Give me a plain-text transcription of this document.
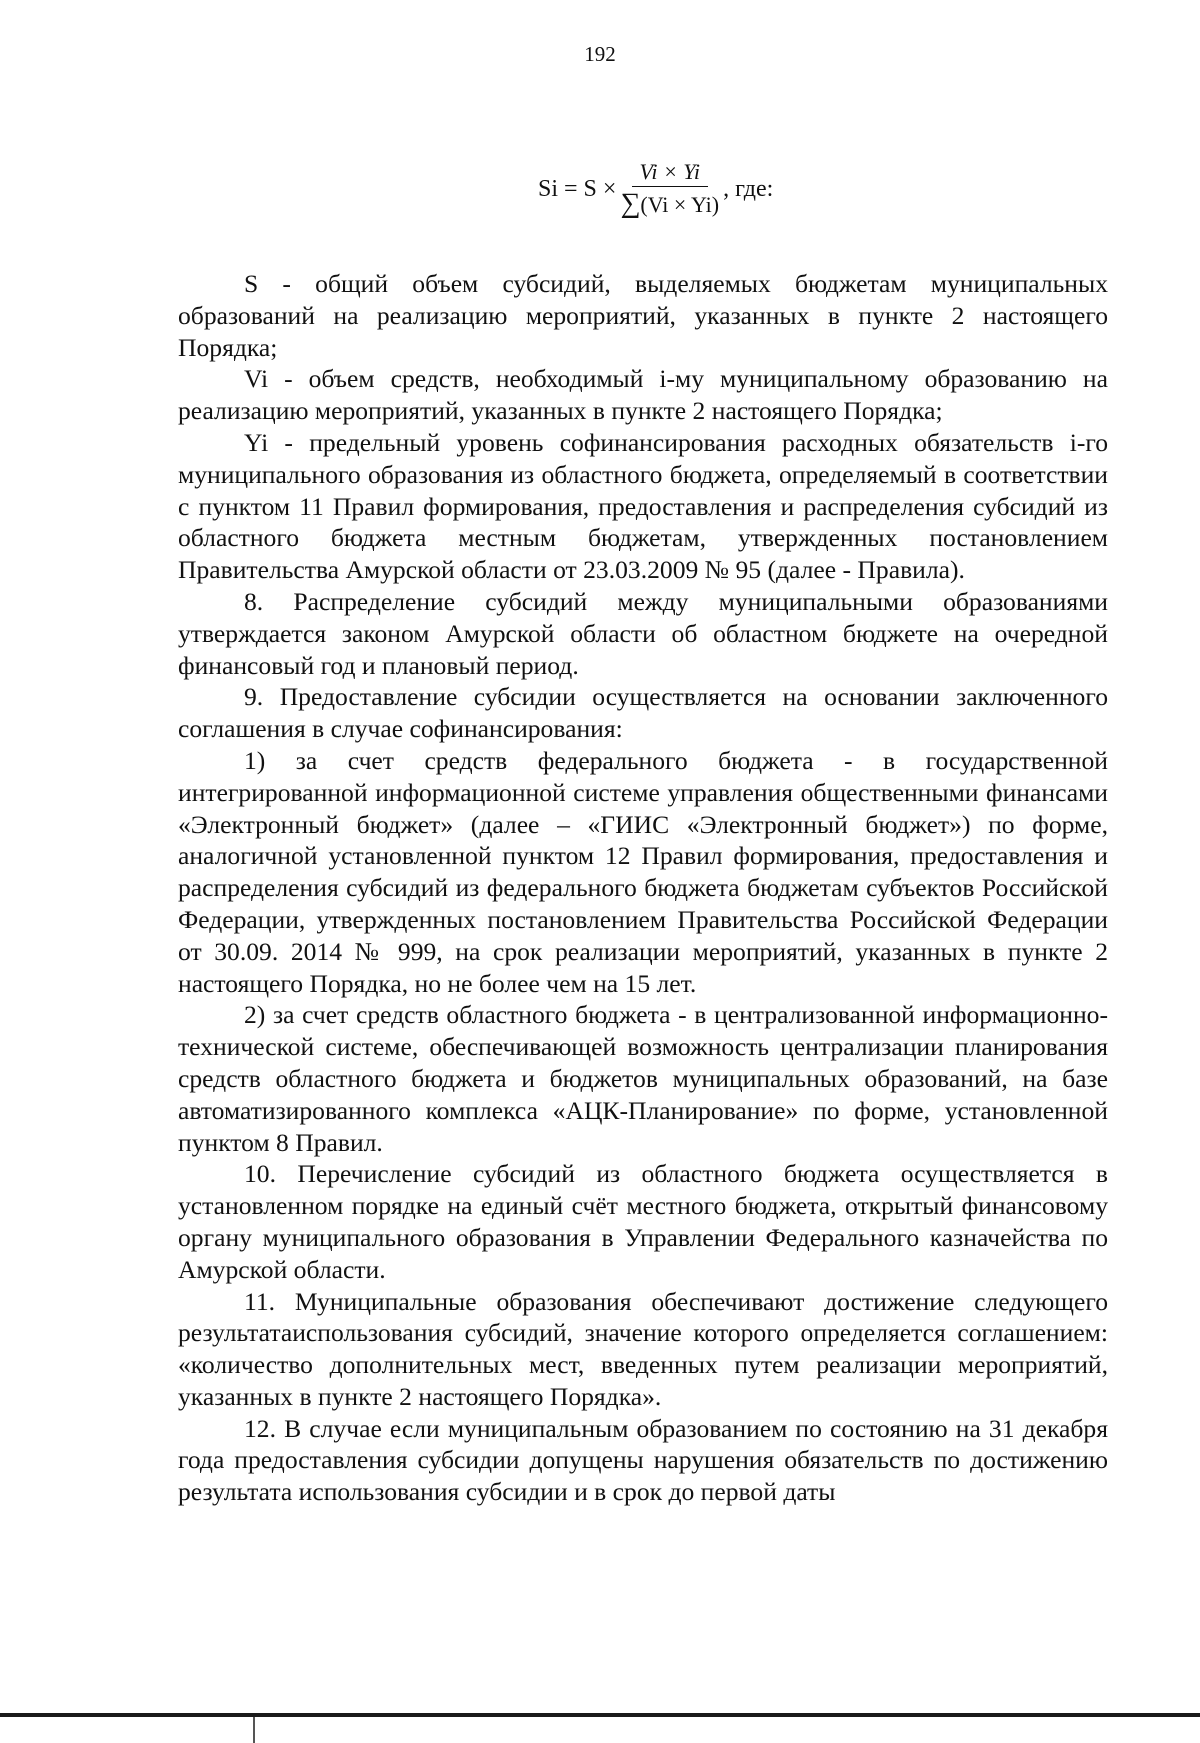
192
$Si = S \times \frac{Vi \times Yi}{\sum(Vi \times Yi)}$ , где:

S - общий объем субсидий, выделяемых бюджетам муниципальных образований на реализацию мероприятий, указанных в пункте 2 настоящего Порядка;

Vi - объем средств, необходимый i-му муниципальному образованию на реализацию мероприятий, указанных в пункте 2 настоящего Порядка;

Yi - предельный уровень софинансирования расходных обязательств i-го муниципального образования из областного бюджета, определяемый в соответствии с пунктом 11 Правил формирования, предоставления и распределения субсидий из областного бюджета местным бюджетам, утвержденных постановлением Правительства Амурской области от 23.03.2009 № 95 (далее - Правила).

8. Распределение субсидий между муниципальными образованиями утверждается законом Амурской области об областном бюджете на очередной финансовый год и плановый период.

9. Предоставление субсидии осуществляется на основании заключенного соглашения в случае софинансирования:

1) за счет средств федерального бюджета - в государственной интегрированной информационной системе управления общественными финансами «Электронный бюджет» (далее – «ГИИС «Электронный бюджет») по форме, аналогичной установленной пунктом 12 Правил формирования, предоставления и распределения субсидий из федерального бюджета бюджетам субъектов Российской Федерации, утвержденных постановлением Правительства Российской Федерации от 30.09. 2014 № 999, на срок реализации мероприятий, указанных в пункте 2 настоящего Порядка, но не более чем на 15 лет.

2) за счет средств областного бюджета - в централизованной информационно-технической системе, обеспечивающей возможность централизации планирования средств областного бюджета и бюджетов муниципальных образований, на базе автоматизированного комплекса «АЦК-Планирование» по форме, установленной пунктом 8 Правил.

10. Перечисление субсидий из областного бюджета осуществляется в установленном порядке на единый счёт местного бюджета, открытый финансовому органу муниципального образования в Управлении Федерального казначейства по Амурской области.

11. Муниципальные образования обеспечивают достижение следующего результатаиспользования субсидий, значение которого определяется соглашением: «количество дополнительных мест, введенных путем реализации мероприятий, указанных в пункте 2 настоящего Порядка».

12. В случае если муниципальным образованием по состоянию на 31 декабря года предоставления субсидии допущены нарушения обязательств по достижению результата использования субсидии и в срок до первой даты
